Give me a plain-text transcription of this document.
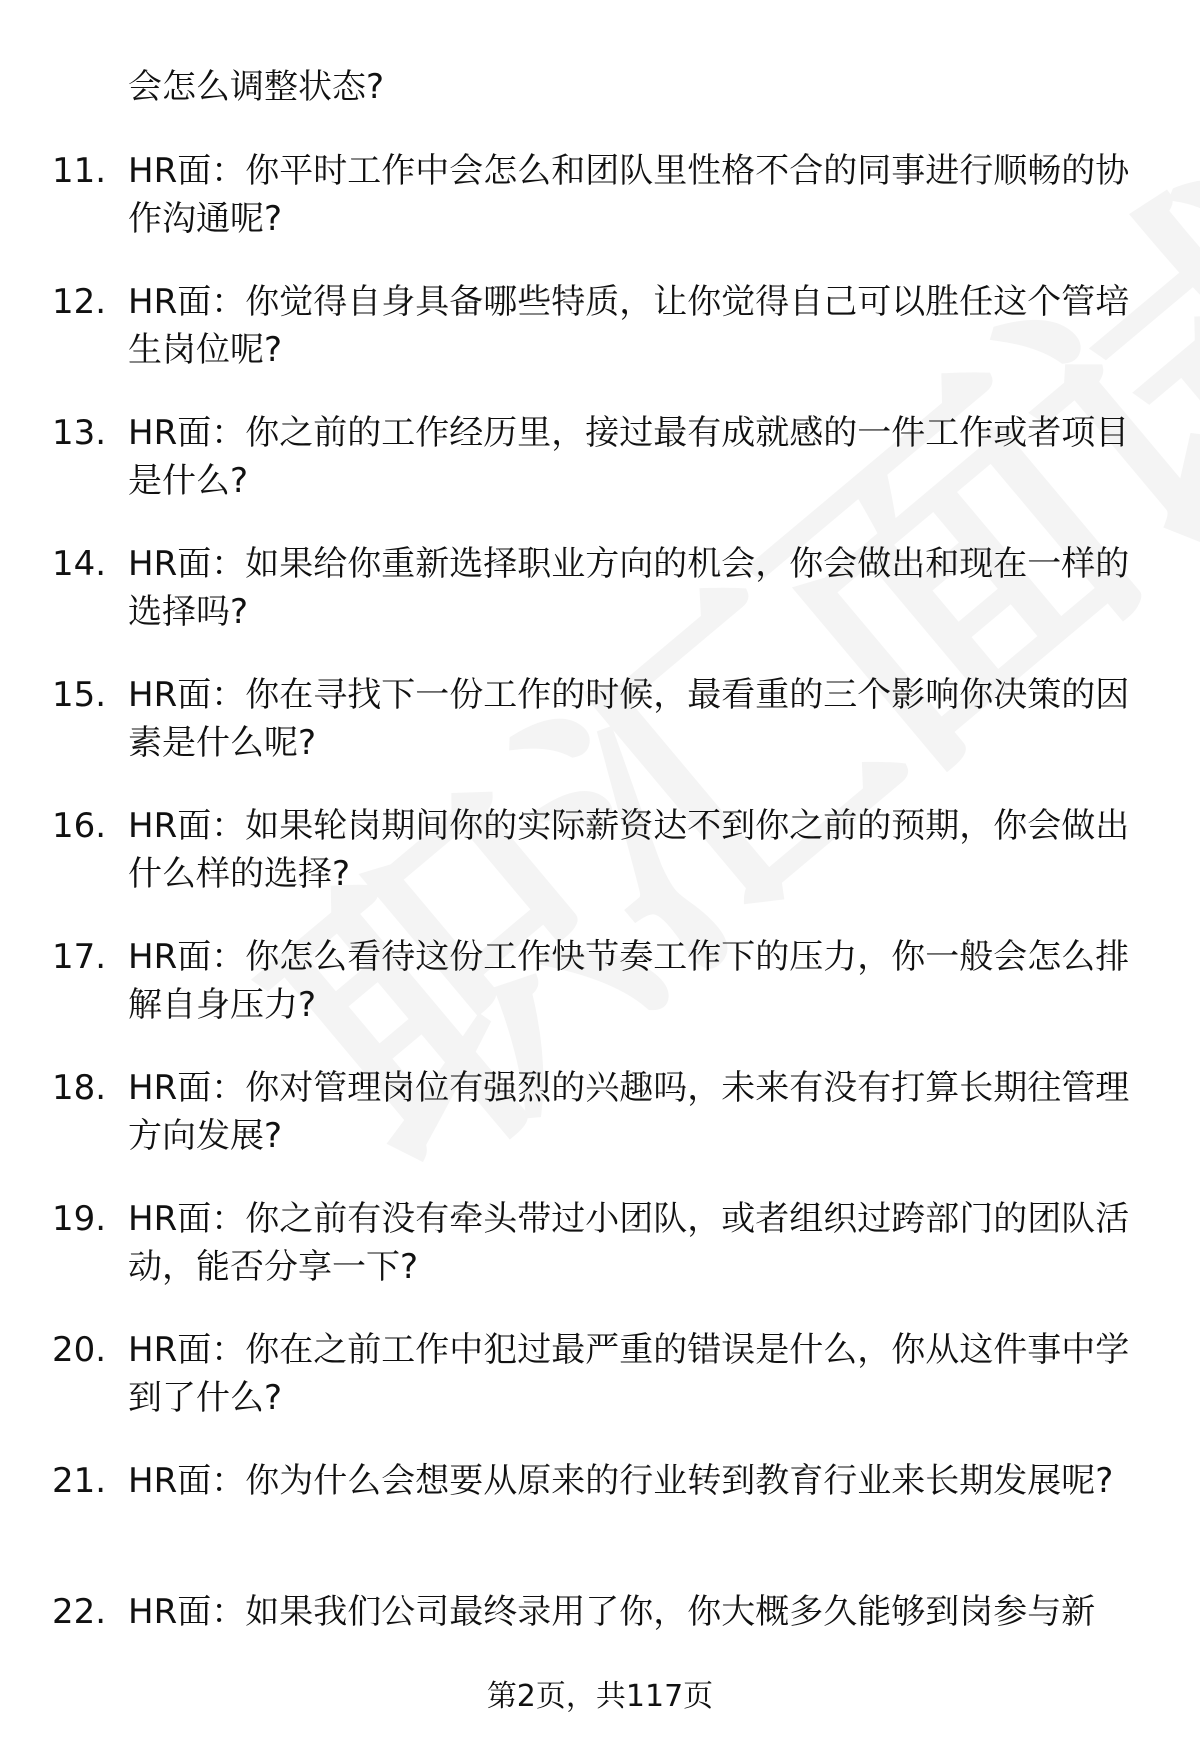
会怎么调整状态?
11. HR面：你平时工作中会怎么和团队里性格不合的同事进行顺畅的协作沟通呢?
12. HR面：你觉得自身具备哪些特质，让你觉得自己可以胜任这个管培生岗位呢?
13. HR面：你之前的工作经历里，接过最有成就感的一件工作或者项目是什么?
14. HR面：如果给你重新选择职业方向的机会，你会做出和现在一样的选择吗?
15. HR面：你在寻找下一份工作的时候，最看重的三个影响你决策的因素是什么呢?
16. HR面：如果轮岗期间你的实际薪资达不到你之前的预期，你会做出什么样的选择?
17. HR面：你怎么看待这份工作快节奏工作下的压力，你一般会怎么排解自身压力?
18. HR面：你对管理岗位有强烈的兴趣吗，未来有没有打算长期往管理方向发展?
19. HR面：你之前有没有牵头带过小团队，或者组织过跨部门的团队活动，能否分享一下?
20. HR面：你在之前工作中犯过最严重的错误是什么，你从这件事中学到了什么?
21. HR面：你为什么会想要从原来的行业转到教育行业来长期发展呢?
22. HR面：如果我们公司最终录用了你，你大概多久能够到岗参与新
第2页，共117页
